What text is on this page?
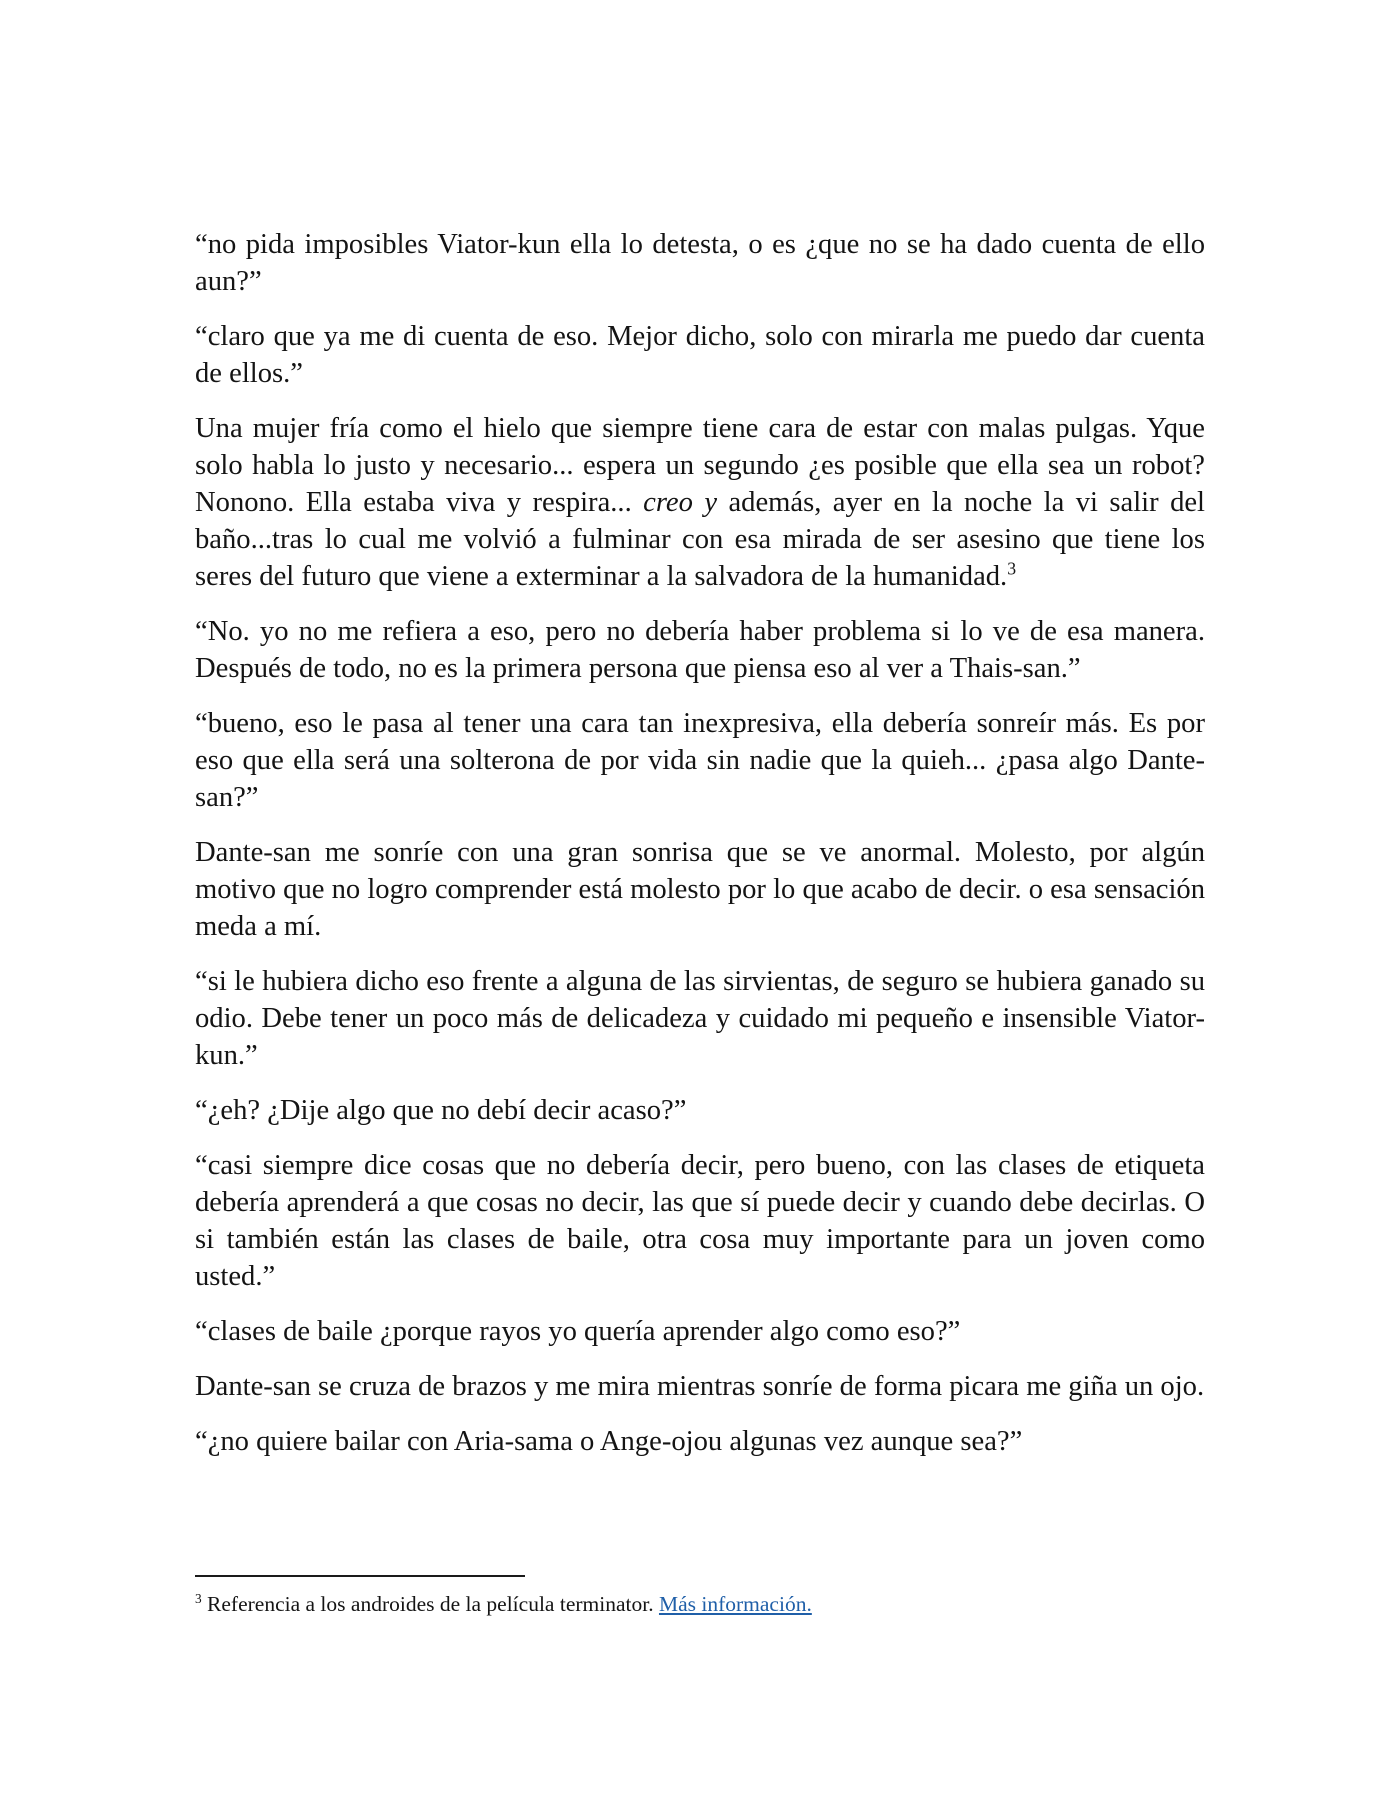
“no pida imposibles Viator-kun ella lo detesta, o es ¿que no se ha dado cuenta de ello aun?”

“claro que ya me di cuenta de eso. Mejor dicho, solo con mirarla me puedo dar cuenta de ellos.”

Una mujer fría como el hielo que siempre tiene cara de estar con malas pulgas. Yque solo habla lo justo y necesario... espera un segundo ¿es posible que ella sea un robot? Nonono. Ella estaba viva y respira... creo y además, ayer en la noche la vi salir del baño...tras lo cual me volvió a fulminar con esa mirada de ser asesino que tiene los seres del futuro que viene a exterminar a la salvadora de la humanidad.$^3$

“No. yo no me refiera a eso, pero no debería haber problema si lo ve de esa manera. Después de todo, no es la primera persona que piensa eso al ver a Thais-san.”

“bueno, eso le pasa al tener una cara tan inexpresiva, ella debería sonreír más. Es por eso que ella será una solterona de por vida sin nadie que la quieh... ¿pasa algo Dante-san?”

Dante-san me sonríe con una gran sonrisa que se ve anormal. Molesto, por algún motivo que no logro comprender está molesto por lo que acabo de decir. o esa sensación meda a mí.

“si le hubiera dicho eso frente a alguna de las sirvientas, de seguro se hubiera ganado su odio. Debe tener un poco más de delicadeza y cuidado mi pequeño e insensible Viator-kun.”

“¿eh? ¿Dije algo que no debí decir acaso?”

“casi siempre dice cosas que no debería decir, pero bueno, con las clases de etiqueta debería aprenderá a que cosas no decir, las que sí puede decir y cuando debe decirlas. O si también están las clases de baile, otra cosa muy importante para un joven como usted.”

“clases de baile ¿porque rayos yo quería aprender algo como eso?”

Dante-san se cruza de brazos y me mira mientras sonríe de forma picara me giña un ojo.

“¿no quiere bailar con Aria-sama o Ange-ojou algunas vez aunque sea?”

$^3$ Referencia a los androides de la película terminator. Más información.
